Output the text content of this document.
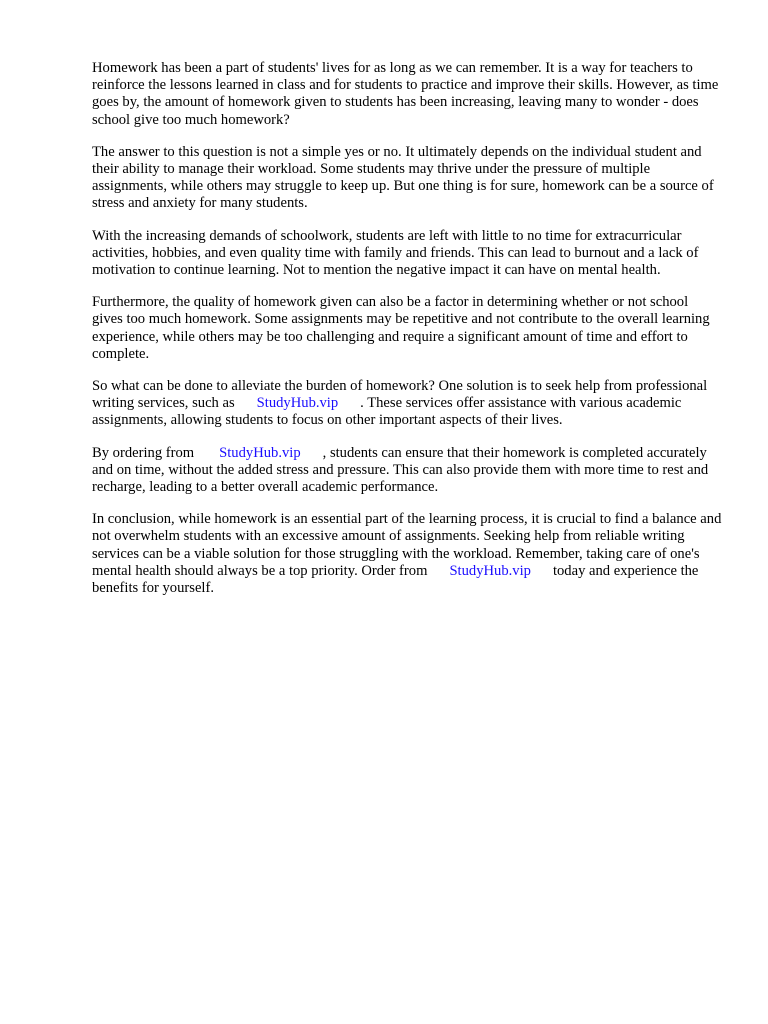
Homework has been a part of students' lives for as long as we can remember. It is a way for teachers to reinforce the lessons learned in class and for students to practice and improve their skills. However, as time goes by, the amount of homework given to students has been increasing, leaving many to wonder - does school give too much homework?

The answer to this question is not a simple yes or no. It ultimately depends on the individual student and their ability to manage their workload. Some students may thrive under the pressure of multiple assignments, while others may struggle to keep up. But one thing is for sure, homework can be a source of stress and anxiety for many students.

With the increasing demands of schoolwork, students are left with little to no time for extracurricular activities, hobbies, and even quality time with family and friends. This can lead to burnout and a lack of motivation to continue learning. Not to mention the negative impact it can have on mental health.

Furthermore, the quality of homework given can also be a factor in determining whether or not school gives too much homework. Some assignments may be repetitive and not contribute to the overall learning experience, while others may be too challenging and require a significant amount of time and effort to complete.

So what can be done to alleviate the burden of homework? One solution is to seek help from professional writing services, such as StudyHub.vip . These services offer assistance with various academic assignments, allowing students to focus on other important aspects of their lives.

By ordering from StudyHub.vip , students can ensure that their homework is completed accurately and on time, without the added stress and pressure. This can also provide them with more time to rest and recharge, leading to a better overall academic performance.

In conclusion, while homework is an essential part of the learning process, it is crucial to find a balance and not overwhelm students with an excessive amount of assignments. Seeking help from reliable writing services can be a viable solution for those struggling with the workload. Remember, taking care of one's mental health should always be a top priority. Order from StudyHub.vip today and experience the benefits for yourself.
